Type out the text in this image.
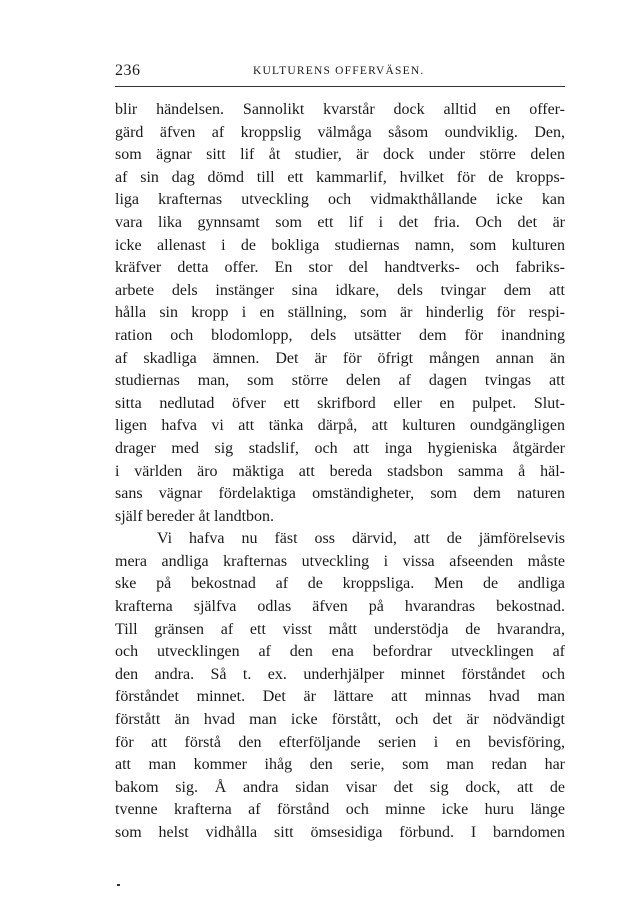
236	KULTURENS OFFERVÄSEN.
blir händelsen. Sannolikt kvarstår dock alltid en offer-
gärd äfven af kroppslig välmåga såsom oundviklig. Den,
som ägnar sitt lif åt studier, är dock under större delen
af sin dag dömd till ett kammarlif, hvilket för de kropps-
liga krafternas utveckling och vidmakthållande icke kan
vara lika gynnsamt som ett lif i det fria. Och det är
icke allenast i de bokliga studiernas namn, som kulturen
kräfver detta offer. En stor del handtverks- och fabriks-
arbete dels instänger sina idkare, dels tvingar dem att
hålla sin kropp i en ställning, som är hinderlig för respi-
ration och blodomlopp, dels utsätter dem för inandning
af skadliga ämnen. Det är för öfrigt mången annan än
studiernas man, som större delen af dagen tvingas att
sitta nedlutad öfver ett skrifbord eller en pulpet. Slut-
ligen hafva vi att tänka därpå, att kulturen oundgängligen
drager med sig stadslif, och att inga hygieniska åtgärder
i världen äro mäktiga att bereda stadsbon samma å häl-
sans vägnar fördelaktiga omständigheter, som dem naturen
själf bereder åt landtbon.
Vi hafva nu fäst oss därvid, att de jämförelsevis
mera andliga krafternas utveckling i vissa afseenden måste
ske på bekostnad af de kroppsliga. Men de andliga
krafterna själfva odlas äfven på hvarandras bekostnad.
Till gränsen af ett visst mått understödja de hvarandra,
och utvecklingen af den ena befordrar utvecklingen af
den andra. Så t. ex. underhjälper minnet förståndet och
förståndet minnet. Det är lättare att minnas hvad man
förstått än hvad man icke förstått, och det är nödvändigt
för att förstå den efterföljande serien i en bevisföring,
att man kommer ihåg den serie, som man redan har
bakom sig. Å andra sidan visar det sig dock, att de
tvenne krafterna af förstånd och minne icke huru länge
som helst vidhålla sitt ömsesidiga förbund. I barndomen
